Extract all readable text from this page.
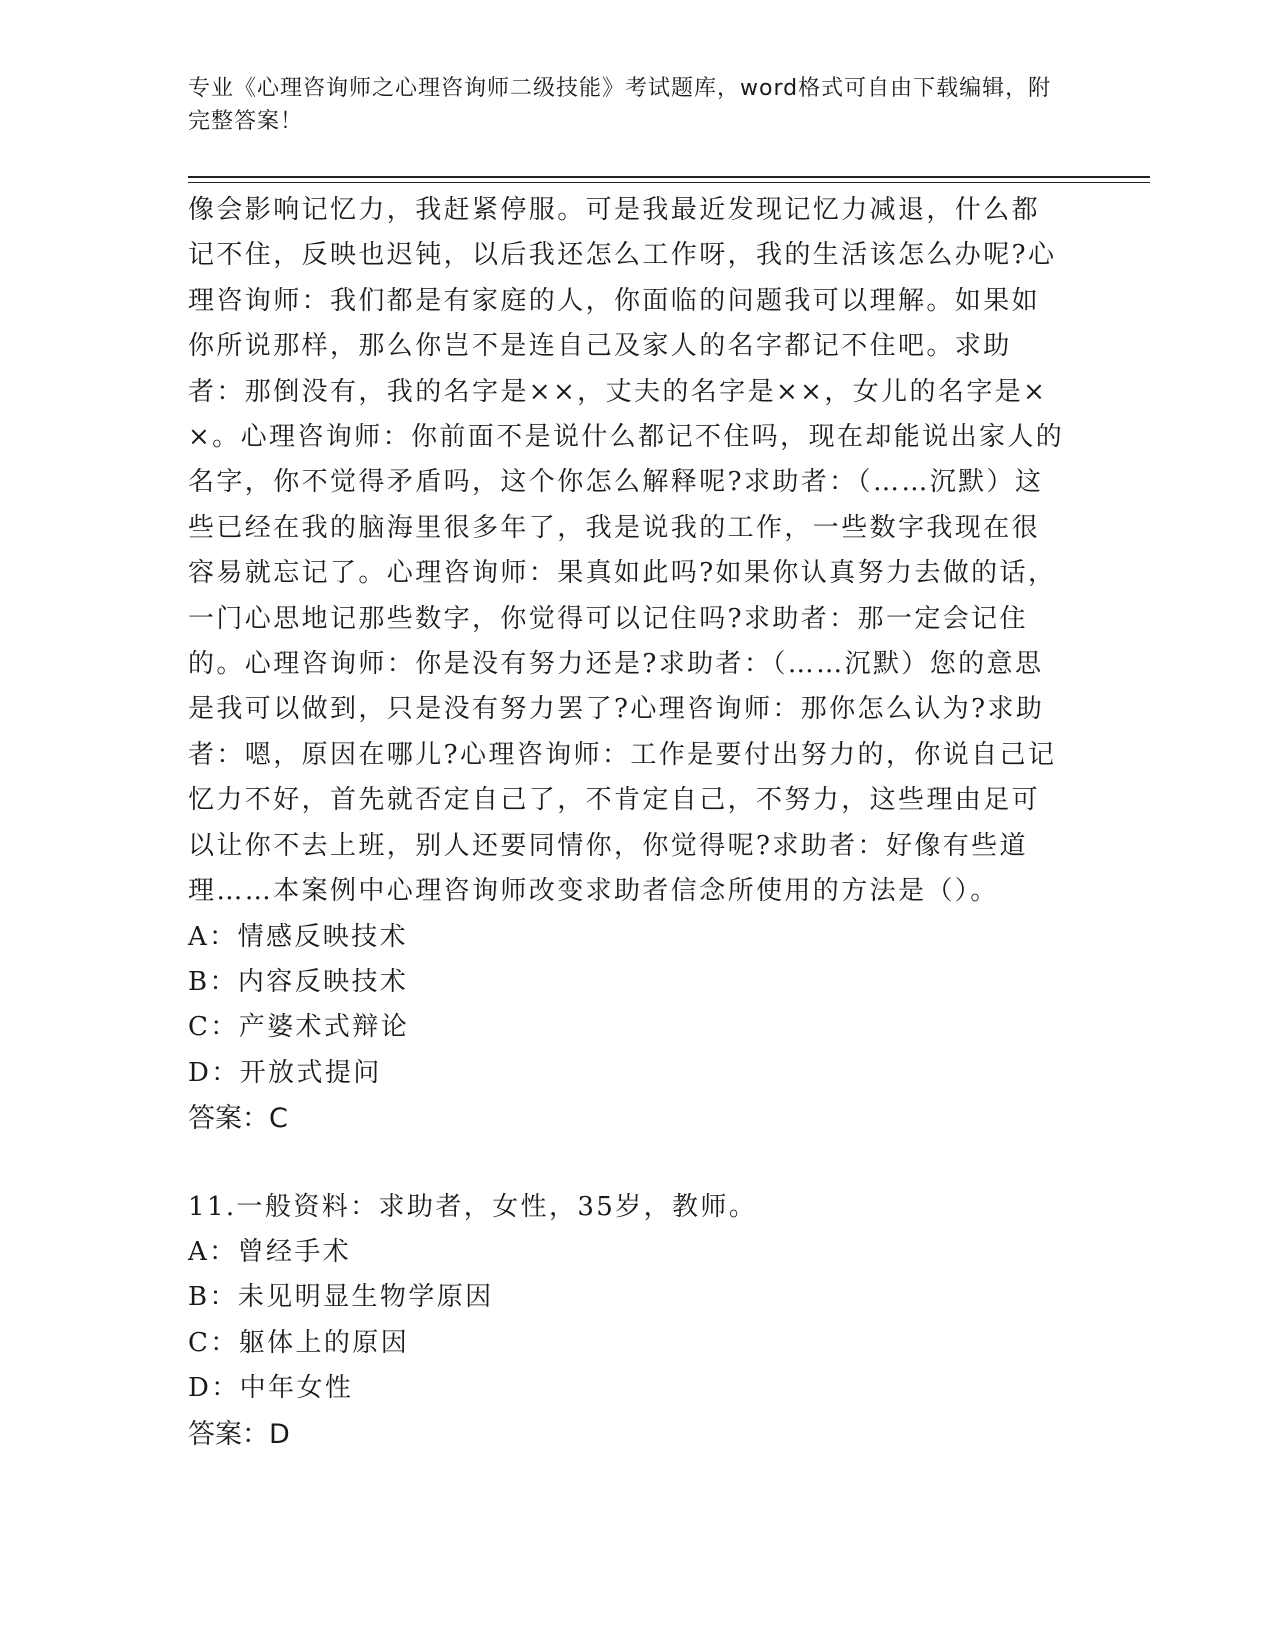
专业《心理咨询师之心理咨询师二级技能》考试题库，word格式可自由下载编辑，附完整答案！

像会影响记忆力，我赶紧停服。可是我最近发现记忆力减退，什么都记不住，反映也迟钝，以后我还怎么工作呀，我的生活该怎么办呢?心理咨询师：我们都是有家庭的人，你面临的问题我可以理解。如果如你所说那样，那么你岂不是连自己及家人的名字都记不住吧。求助者：那倒没有，我的名字是××，丈夫的名字是××，女儿的名字是××。心理咨询师：你前面不是说什么都记不住吗，现在却能说出家人的名字，你不觉得矛盾吗，这个你怎么解释呢?求助者：（……沉默）这些已经在我的脑海里很多年了，我是说我的工作，一些数字我现在很容易就忘记了。心理咨询师：果真如此吗?如果你认真努力去做的话，一门心思地记那些数字，你觉得可以记住吗?求助者：那一定会记住的。心理咨询师：你是没有努力还是?求助者：（……沉默）您的意思是我可以做到，只是没有努力罢了?心理咨询师：那你怎么认为?求助者：嗯，原因在哪儿?心理咨询师：工作是要付出努力的，你说自己记忆力不好，首先就否定自己了，不肯定自己，不努力，这些理由足可以让你不去上班，别人还要同情你，你觉得呢?求助者：好像有些道理……本案例中心理咨询师改变求助者信念所使用的方法是（）。

A：情感反映技术

B：内容反映技术

C：产婆术式辩论

D：开放式提问

答案：C

11.一般资料：求助者，女性，35岁，教师。

A：曾经手术

B：未见明显生物学原因

C：躯体上的原因

D：中年女性

答案：D
